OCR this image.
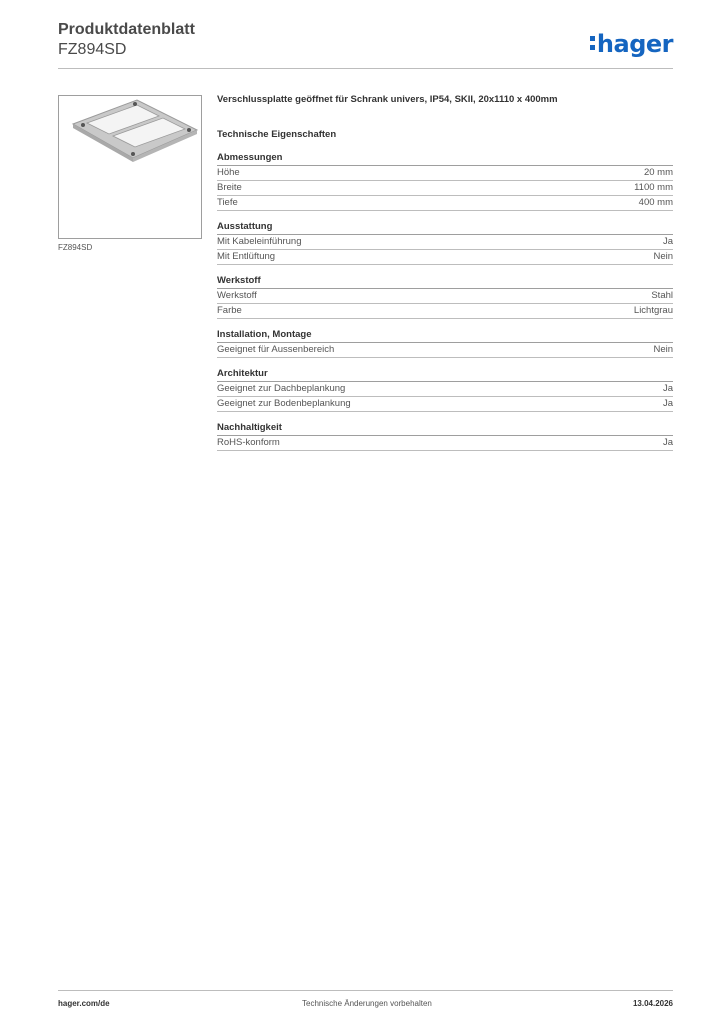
Produktdatenblatt
FZ894SD	hager
FZ894SD
Verschlussplatte geöffnet für Schrank univers, IP54, SKII, 20x1110 x 400mm
Technische Eigenschaften
Abmessungen
Höhe	20 mm
Breite	1100 mm
Tiefe	400 mm
Ausstattung
Mit Kabeleinführung	Ja
Mit Entlüftung	Nein
Werkstoff
Werkstoff	Stahl
Farbe	Lichtgrau
Installation, Montage
Geeignet für Aussenbereich	Nein
Architektur
Geeignet zur Dachbeplankung	Ja
Geeignet zur Bodenbeplankung	Ja
Nachhaltigkeit
RoHS-konform	Ja
hager.com/de	Technische Änderungen vorbehalten	13.04.2026
